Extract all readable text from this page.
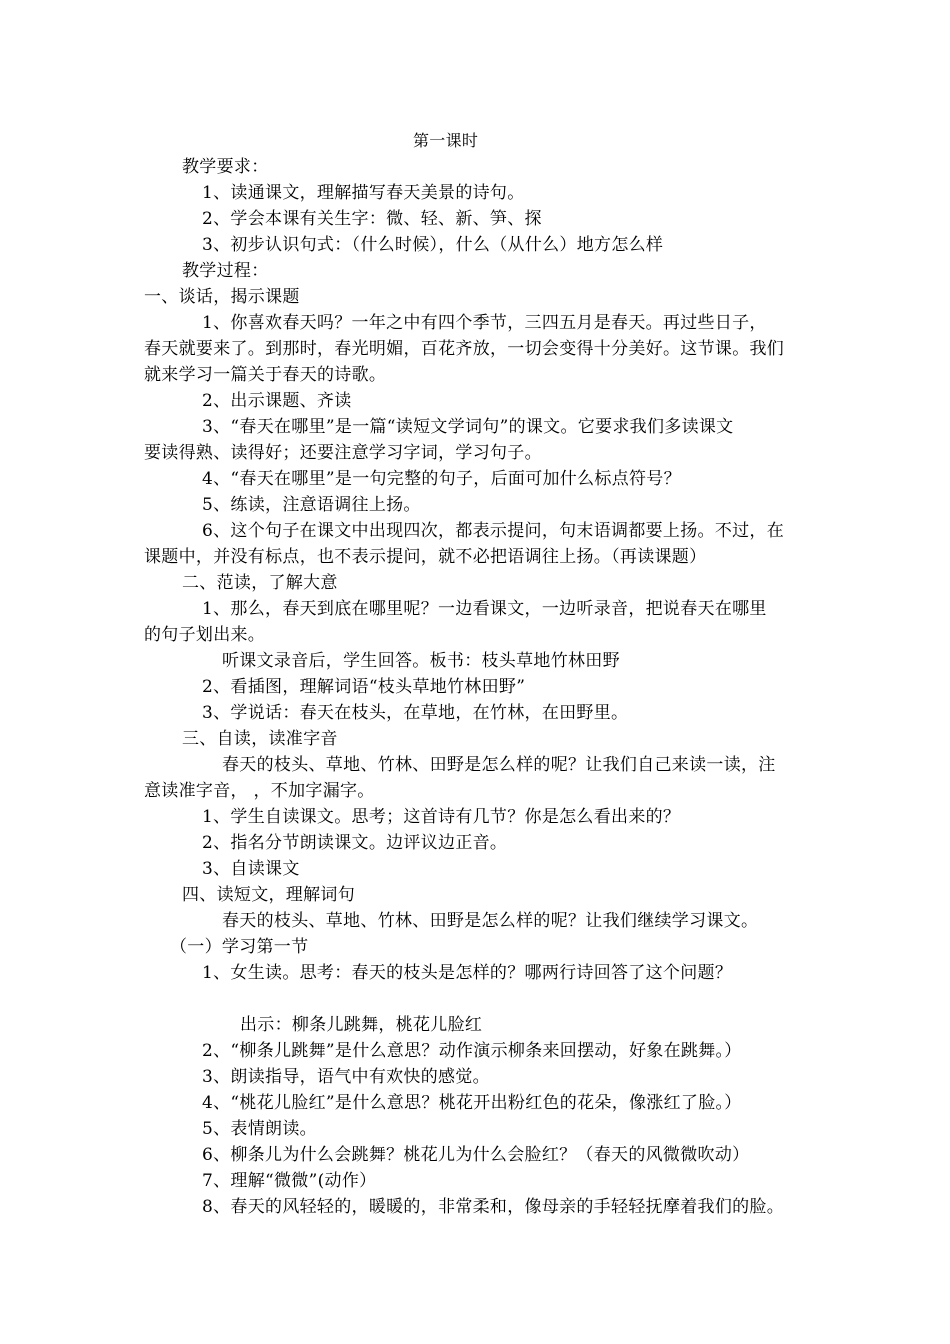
第一课时
教学要求：
1、读通课文，理解描写春天美景的诗句。
2、学会本课有关生字：微、轻、新、笋、探
3、初步认识句式：（什么时候），什么（从什么）地方怎么样
教学过程：
一、谈话，揭示课题
1、你喜欢春天吗？一年之中有四个季节，三四五月是春天。再过些日子，
春天就要来了。到那时，春光明媚，百花齐放，一切会变得十分美好。这节课。我们
就来学习一篇关于春天的诗歌。
2、出示课题、齐读
3、“春天在哪里”是一篇“读短文学词句”的课文。它要求我们多读课文
要读得熟、读得好；还要注意学习字词，学习句子。
4、“春天在哪里”是一句完整的句子，后面可加什么标点符号？
5、练读，注意语调往上扬。
6、这个句子在课文中出现四次，都表示提问，句末语调都要上扬。不过，在
课题中，并没有标点，也不表示提问，就不必把语调往上扬。（再读课题）
二、范读，了解大意
1、那么，春天到底在哪里呢？一边看课文，一边听录音，把说春天在哪里
的句子划出来。
听课文录音后，学生回答。板书：枝头草地竹林田野
2、看插图，理解词语“枝头草地竹林田野”
3、学说话：春天在枝头，在草地，在竹林，在田野里。
三、自读，读准字音
春天的枝头、草地、竹林、田野是怎么样的呢？让我们自己来读一读，注
意读准字音， ，不加字漏字。
1、学生自读课文。思考；这首诗有几节？你是怎么看出来的？
2、指名分节朗读课文。边评议边正音。
3、自读课文
四、读短文，理解词句
春天的枝头、草地、竹林、田野是怎么样的呢？让我们继续学习课文。
（一）学习第一节
1、女生读。思考：春天的枝头是怎样的？哪两行诗回答了这个问题？
出示：柳条儿跳舞，桃花儿脸红
2、“柳条儿跳舞”是什么意思？动作演示柳条来回摆动，好象在跳舞。）
3、朗读指导，语气中有欢快的感觉。
4、“桃花儿脸红”是什么意思？桃花开出粉红色的花朵，像涨红了脸。）
5、表情朗读。
6、柳条儿为什么会跳舞？桃花儿为什么会脸红？（春天的风微微吹动）
7、理解“微微”(动作）
8、春天的风轻轻的，暖暖的，非常柔和，像母亲的手轻轻抚摩着我们的脸。
